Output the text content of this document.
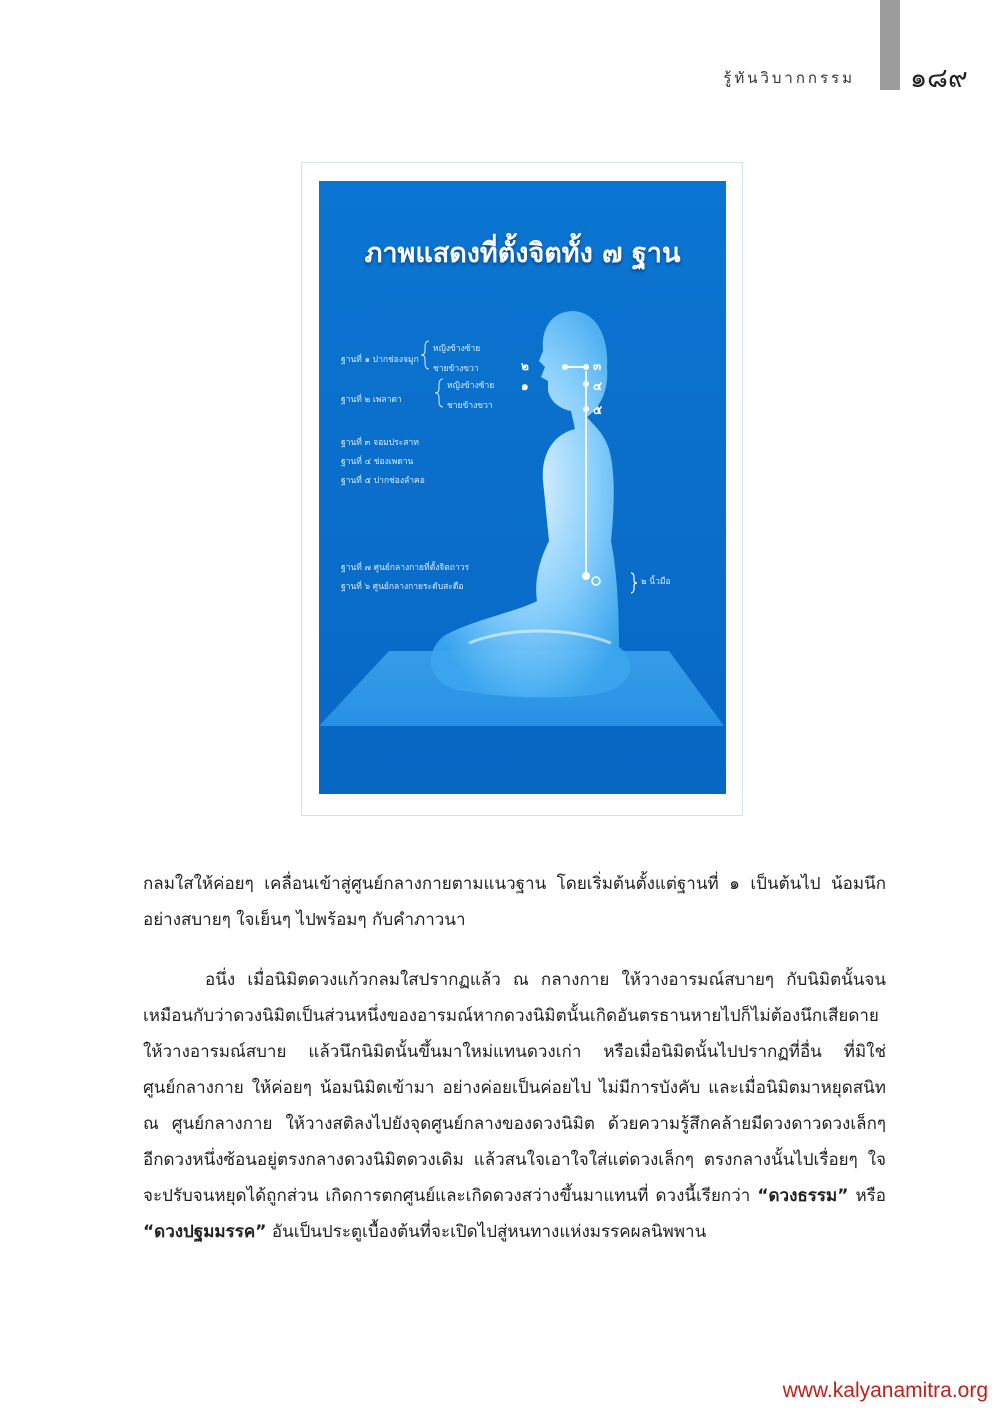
รู้ทันวิบากกรรม ๑๘๙
ภาพแสดงที่ตั้งจิตทั้ง ๗ ฐาน
ฐานที่ ๑ ปากช่องจมูก
หญิงข้างซ้าย
ชายข้างขวา
ฐานที่ ๒ เพลาตา
หญิงข้างซ้าย
ชายข้างขวา
ฐานที่ ๓ จอมประสาท
ฐานที่ ๔ ช่องเพดาน
ฐานที่ ๕ ปากช่องลำคอ
ฐานที่ ๗ ศูนย์กลางกายที่ตั้งจิตถาวร
ฐานที่ ๖ ศูนย์กลางกายระดับสะดือ	๒ นิ้วมือ
๒
๑
๓
๔
๕
กลมใสให้ค่อยๆ เคลื่อนเข้าสู่ศูนย์กลางกายตามแนวฐาน โดยเริ่มต้นตั้งแต่ฐานที่ ๑ เป็นต้นไป น้อมนึกอย่างสบายๆ ใจเย็นๆ ไปพร้อมๆ กับคำภาวนา
อนึ่ง เมื่อนิมิตดวงแก้วกลมใสปรากฏแล้ว ณ กลางกาย ให้วางอารมณ์สบายๆ กับนิมิตนั้นจนเหมือนกับว่าดวงนิมิตเป็นส่วนหนึ่งของอารมณ์หากดวงนิมิตนั้นเกิดอันตรธานหายไปก็ไม่ต้องนึกเสียดาย ให้วางอารมณ์สบาย แล้วนึกนิมิตนั้นขึ้นมาใหม่แทนดวงเก่า หรือเมื่อนิมิตนั้นไปปรากฏที่อื่น ที่มิใช่ศูนย์กลางกาย ให้ค่อยๆ น้อมนิมิตเข้ามา อย่างค่อยเป็นค่อยไป ไม่มีการบังคับ และเมื่อนิมิตมาหยุดสนิท ณ ศูนย์กลางกาย ให้วางสติลงไปยังจุดศูนย์กลางของดวงนิมิต ด้วยความรู้สึกคล้ายมีดวงดาวดวงเล็กๆ อีกดวงหนึ่งซ้อนอยู่ตรงกลางดวงนิมิตดวงเดิม แล้วสนใจเอาใจใส่แต่ดวงเล็กๆ ตรงกลางนั้นไปเรื่อยๆ ใจจะปรับจนหยุดได้ถูกส่วน เกิดการตกศูนย์และเกิดดวงสว่างขึ้นมาแทนที่ ดวงนี้เรียกว่า “ดวงธรรม” หรือ “ดวงปฐมมรรค” อันเป็นประตูเบื้องต้นที่จะเปิดไปสู่หนทางแห่งมรรคผลนิพพาน
www.kalyanamitra.org
